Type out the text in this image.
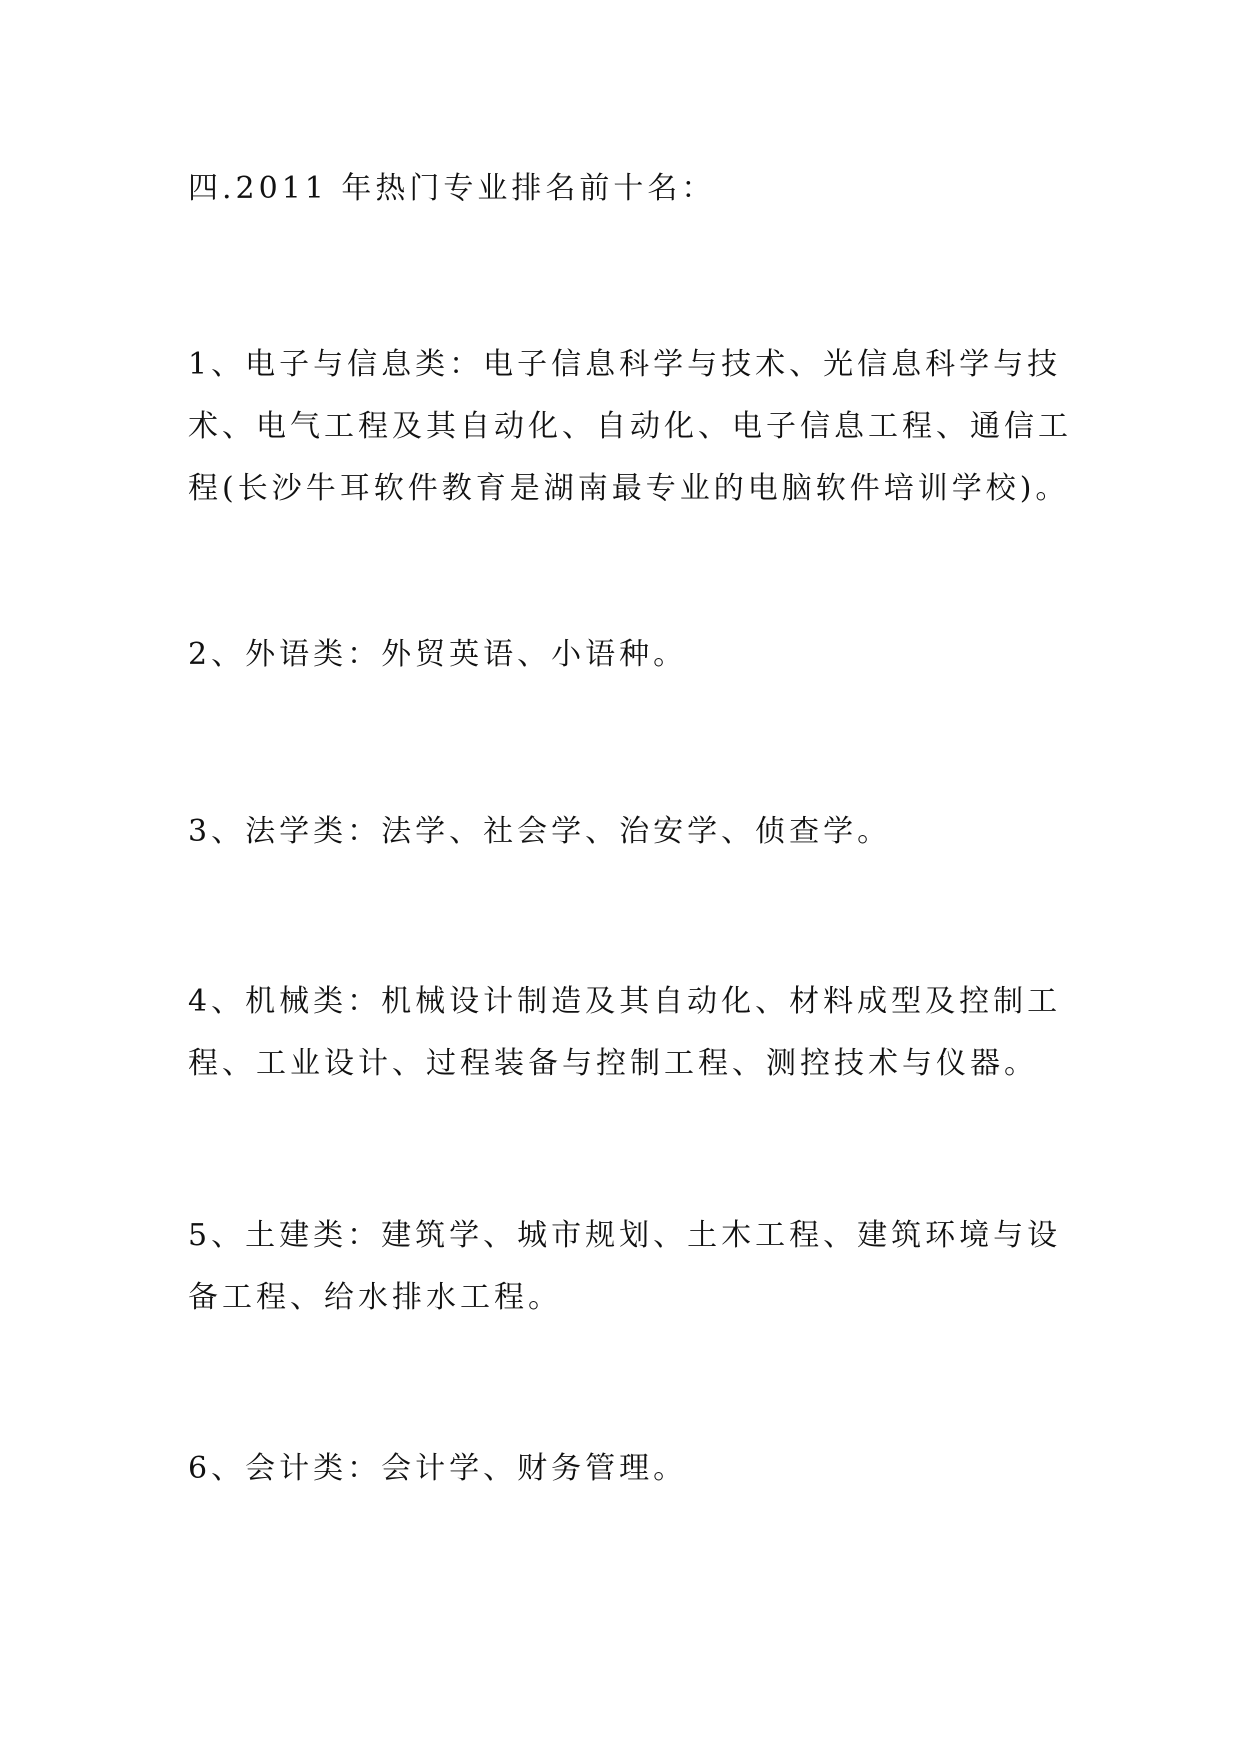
四.2011 年热门专业排名前十名：
1、电子与信息类：电子信息科学与技术、光信息科学与技
术、电气工程及其自动化、自动化、电子信息工程、通信工
程(长沙牛耳软件教育是湖南最专业的电脑软件培训学校)。
2、外语类：外贸英语、小语种。
3、法学类：法学、社会学、治安学、侦查学。
4、机械类：机械设计制造及其自动化、材料成型及控制工
程、工业设计、过程装备与控制工程、测控技术与仪器。
5、土建类：建筑学、城市规划、土木工程、建筑环境与设
备工程、给水排水工程。
6、会计类：会计学、财务管理。
